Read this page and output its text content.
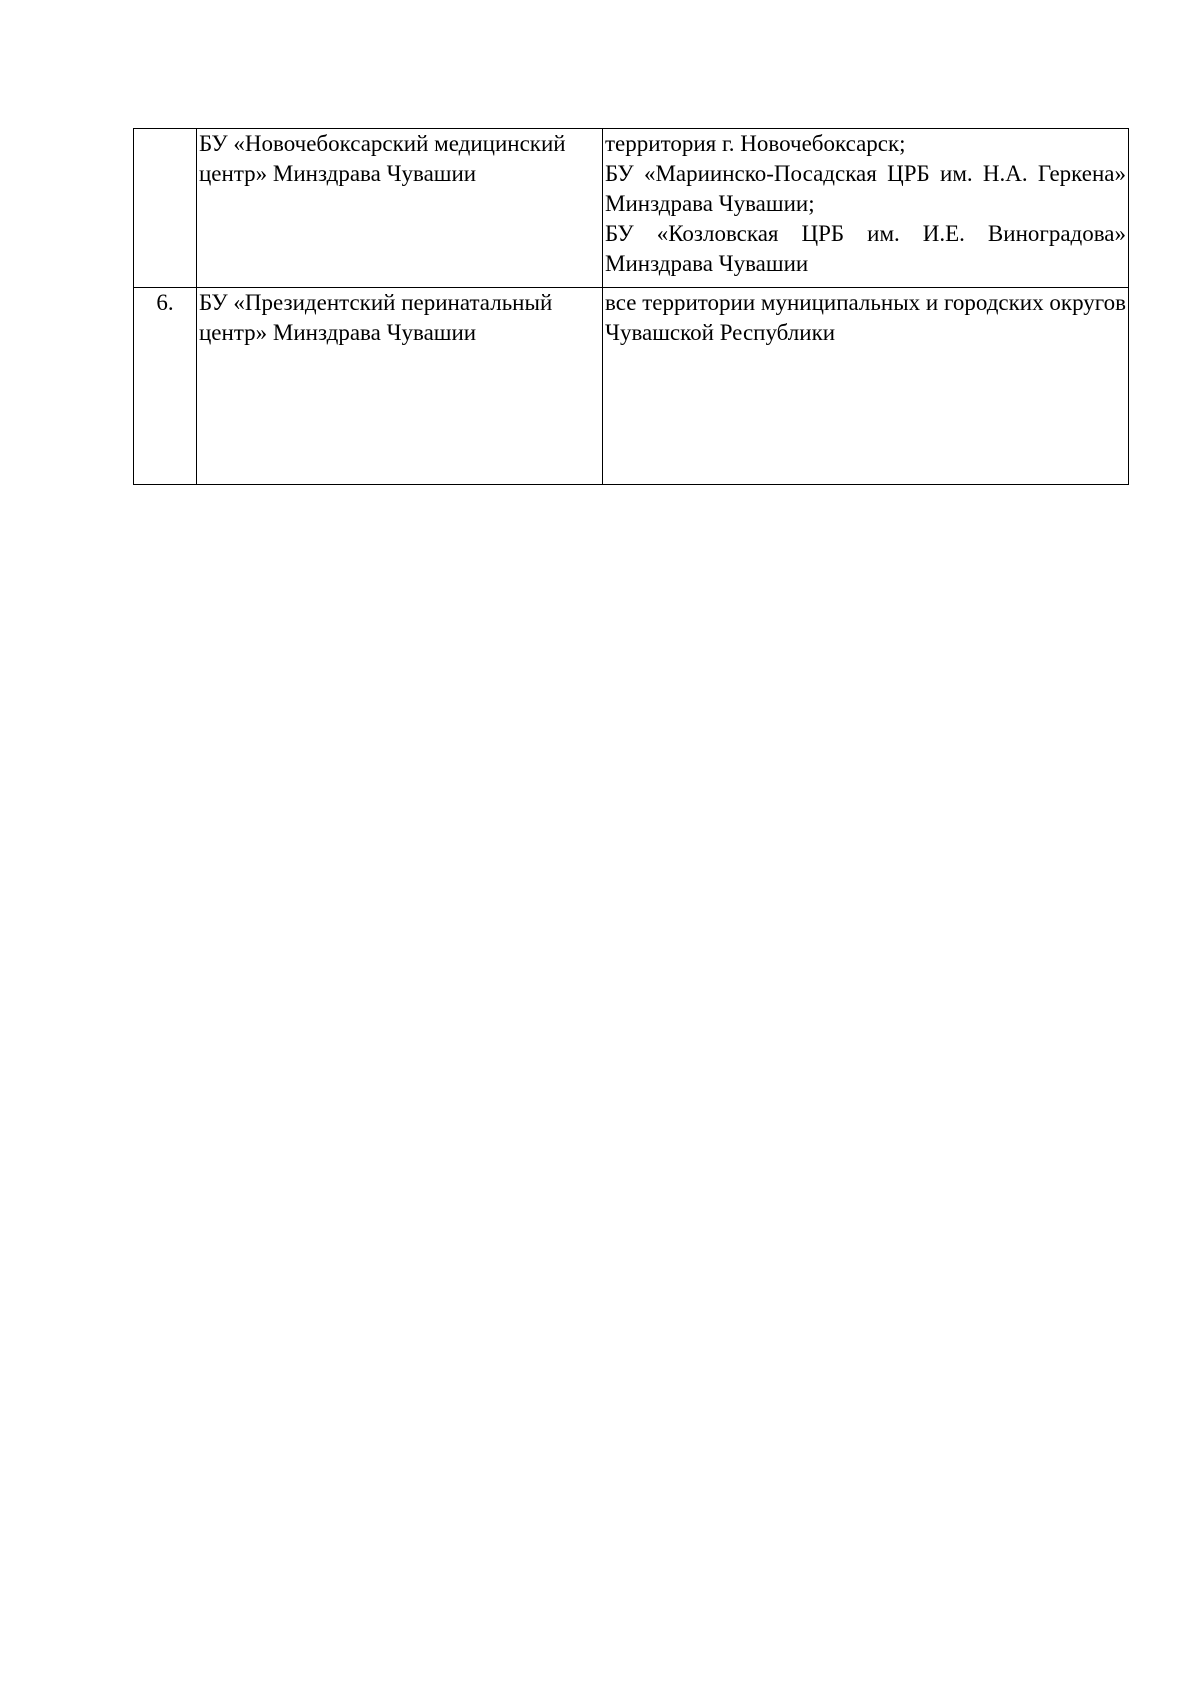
	БУ «Новочебоксарский медицинский центр» Минздрава Чувашии	территория г. Новочебоксарск;
БУ «Мариинско-Посадская ЦРБ им. Н.А. Геркена» Минздрава Чувашии;
БУ «Козловская ЦРБ им. И.Е. Виноградова» Минздрава Чувашии

6.	БУ «Президентский перинатальный центр» Минздрава Чувашии	все территории муниципальных и городских округов Чувашской Республики
